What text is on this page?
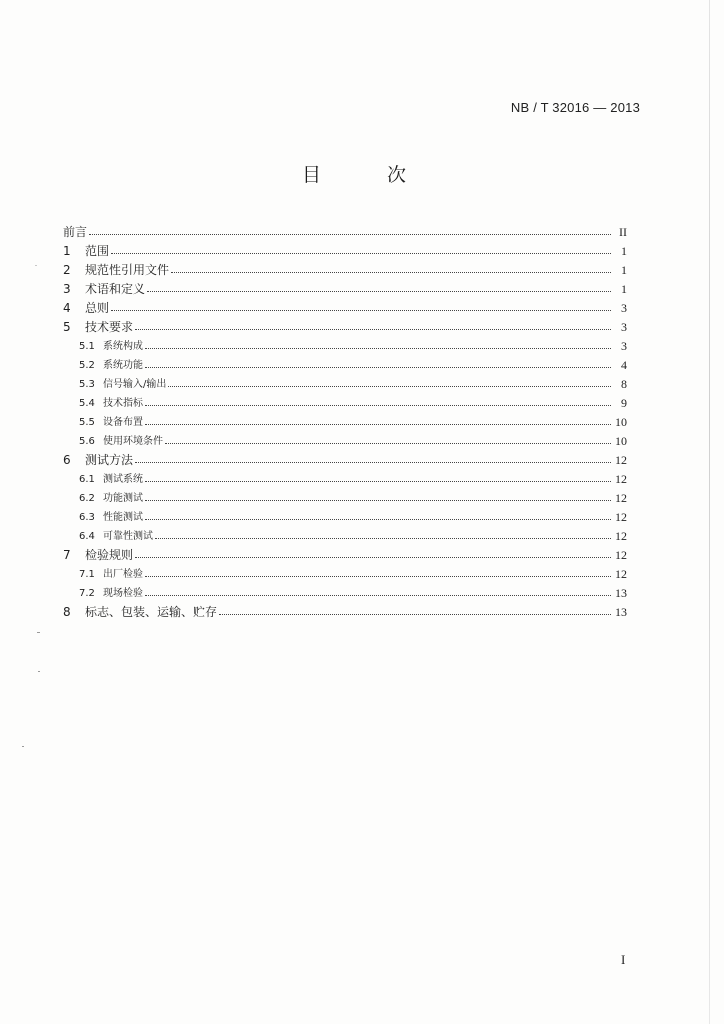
NB / T 32016 — 2013
目 次
前言	II
1	范围	1
2	规范性引用文件	1
3	术语和定义	1
4	总则	3
5	技术要求	3
5.1 系统构成	3
5.2 系统功能	4
5.3 信号输入/输出	8
5.4 技术指标	9
5.5 设备布置	10
5.6 使用环境条件	10
6	测试方法	12
6.1 测试系统	12
6.2 功能测试	12
6.3 性能测试	12
6.4 可靠性测试	12
7	检验规则	12
7.1 出厂检验	12
7.2 现场检验	13
8	标志、包装、运输、贮存	13
I
